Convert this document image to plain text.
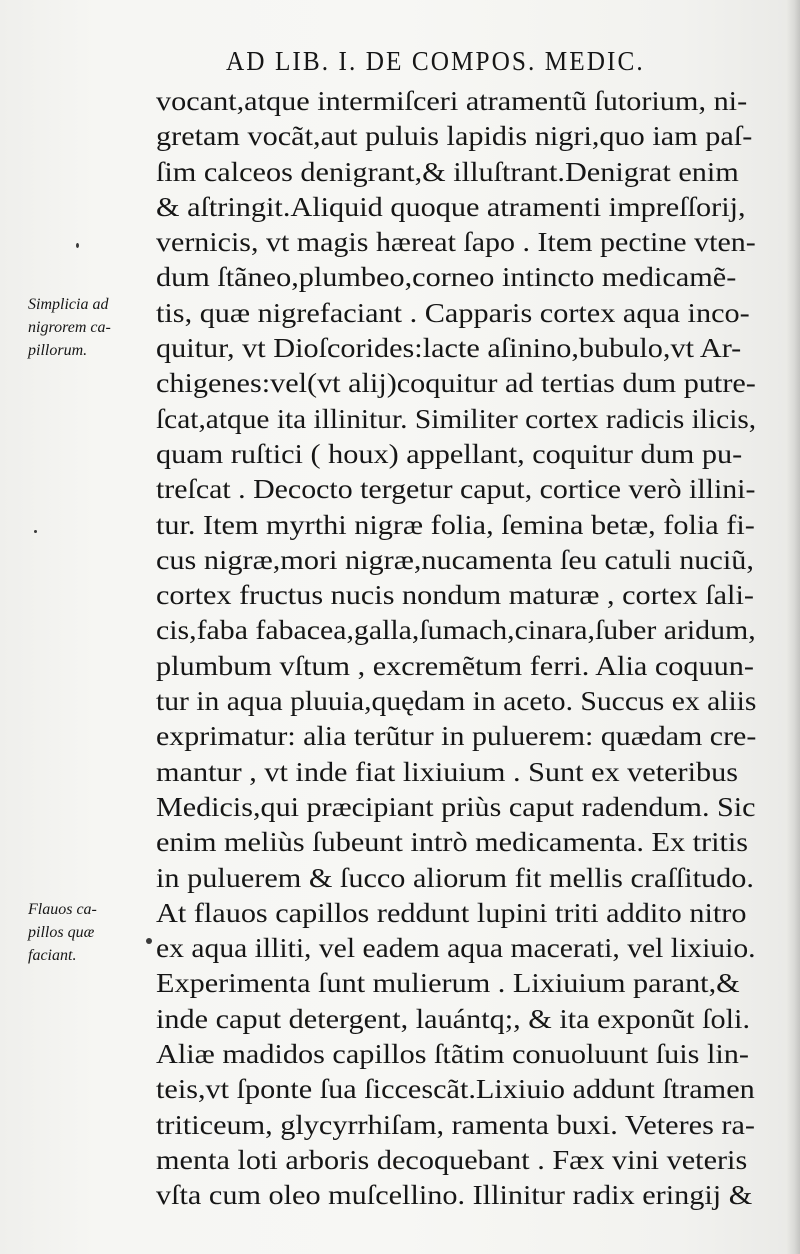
AD LIB. I. DE COMPOS. MEDIC.
Simplicia ad
nigrorem ca-
pillorum.
Flauos ca-
pillos quæ
faciant.
vocant,atque intermiſceri atramentũ ſutorium, ni-
gretam vocãt,aut puluis lapidis nigri,quo iam paſ-
ſim calceos denigrant,& illuſtrant.Denigrat enim
& aſtringit.Aliquid quoque atramenti impreſſorij,
vernicis, vt magis hæreat ſapo . Item pectine vten-
dum ſtãneo,plumbeo,corneo intincto medicamẽ-
tis, quæ nigrefaciant . Capparis cortex aqua inco-
quitur, vt Dioſcorides:lacte aſinino,bubulo,vt Ar-
chigenes:vel(vt alij)coquitur ad tertias dum putre-
ſcat,atque ita illinitur. Similiter cortex radicis ilicis,
quam ruſtici ( houx) appellant, coquitur dum pu-
treſcat . Decocto tergetur caput, cortice verò illini-
tur. Item myrthi nigræ folia, ſemina betæ, folia fi-
cus nigræ,mori nigræ,nucamenta ſeu catuli nuciũ,
cortex fructus nucis nondum maturæ , cortex ſali-
cis,faba fabacea,galla,ſumach,cinara,ſuber aridum,
plumbum vſtum , excremẽtum ferri. Alia coquun-
tur in aqua pluuia,quędam in aceto. Succus ex aliis
exprimatur: alia terũtur in puluerem: quædam cre-
mantur , vt inde fiat lixiuium . Sunt ex veteribus
Medicis,qui præcipiant priùs caput radendum. Sic
enim meliùs ſubeunt intrò medicamenta. Ex tritis
in puluerem & ſucco aliorum fit mellis craſſitudo.
At flauos capillos reddunt lupini triti addito nitro
ex aqua illiti, vel eadem aqua macerati, vel lixiuio.
Experimenta ſunt mulierum . Lixiuium parant,&
inde caput detergent, lauántq;, & ita exponũt ſoli.
Aliæ madidos capillos ſtãtim conuoluunt ſuis lin-
teis,vt ſponte ſua ſiccescãt.Lixiuio addunt ſtramen
triticeum, glycyrrhiſam, ramenta buxi. Veteres ra-
menta loti arboris decoquebant . Fæx vini veteris
vſta cum oleo muſcellino. Illinitur radix eringij &
